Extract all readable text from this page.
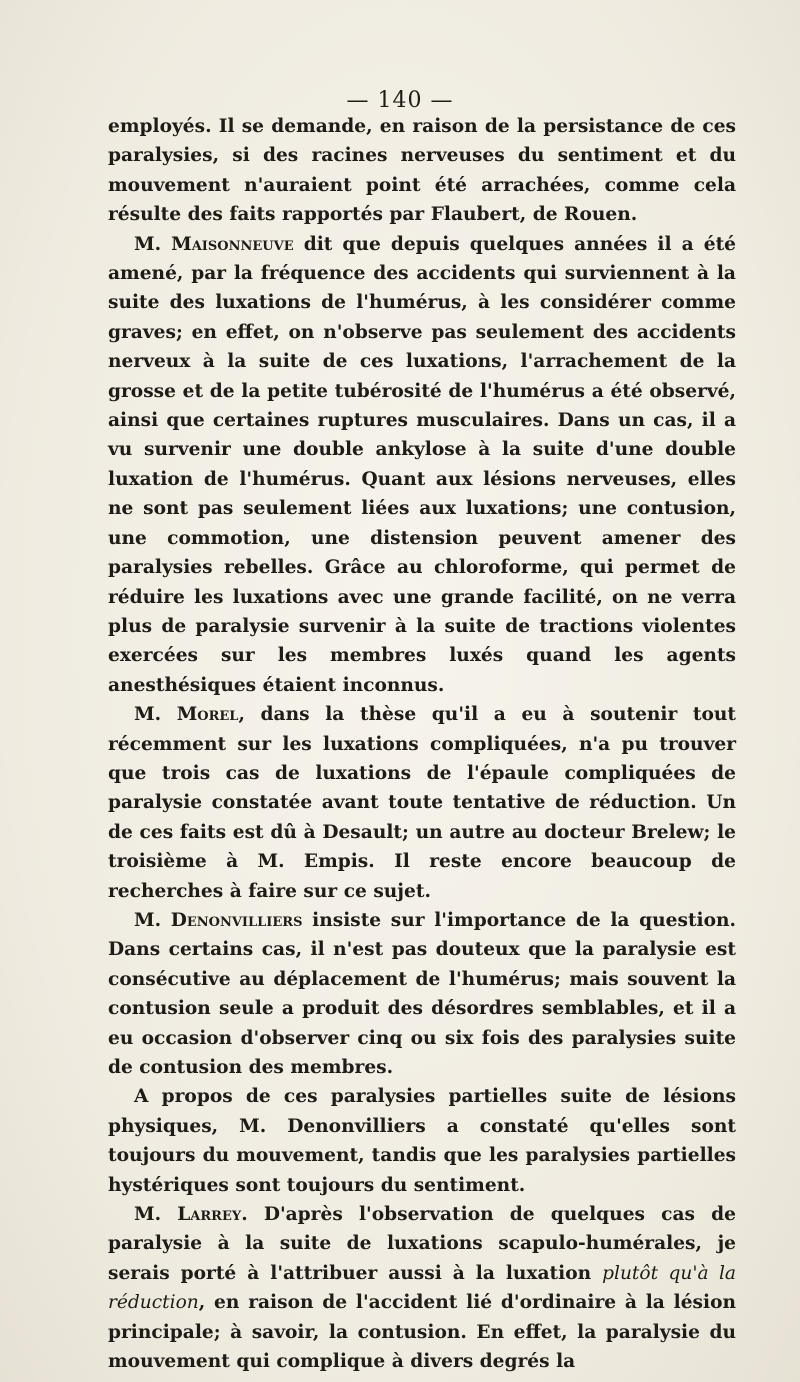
— 140 —

employés. Il se demande, en raison de la persistance de ces paralysies, si des racines nerveuses du sentiment et du mouvement n'auraient point été arrachées, comme cela résulte des faits rapportés par Flaubert, de Rouen.

M. Maisonneuve dit que depuis quelques années il a été amené, par la fréquence des accidents qui surviennent à la suite des luxations de l'humérus, à les considérer comme graves; en effet, on n'observe pas seulement des accidents nerveux à la suite de ces luxations, l'arrachement de la grosse et de la petite tubérosité de l'humérus a été observé, ainsi que certaines ruptures musculaires. Dans un cas, il a vu survenir une double ankylose à la suite d'une double luxation de l'humérus. Quant aux lésions nerveuses, elles ne sont pas seulement liées aux luxations; une contusion, une commotion, une distension peuvent amener des paralysies rebelles. Grâce au chloroforme, qui permet de réduire les luxations avec une grande facilité, on ne verra plus de paralysie survenir à la suite de tractions violentes exercées sur les membres luxés quand les agents anesthésiques étaient inconnus.

M. Morel, dans la thèse qu'il a eu à soutenir tout récemment sur les luxations compliquées, n'a pu trouver que trois cas de luxations de l'épaule compliquées de paralysie constatée avant toute tentative de réduction. Un de ces faits est dû à Desault; un autre au docteur Brelew; le troisième à M. Empis. Il reste encore beaucoup de recherches à faire sur ce sujet.

M. Denonvilliers insiste sur l'importance de la question. Dans certains cas, il n'est pas douteux que la paralysie est consécutive au déplacement de l'humérus; mais souvent la contusion seule a produit des désordres semblables, et il a eu occasion d'observer cinq ou six fois des paralysies suite de contusion des membres.

A propos de ces paralysies partielles suite de lésions physiques, M. Denonvilliers a constaté qu'elles sont toujours du mouvement, tandis que les paralysies partielles hystériques sont toujours du sentiment.

M. Larrey. D'après l'observation de quelques cas de paralysie à la suite de luxations scapulo-humérales, je serais porté à l'attribuer aussi à la luxation plutôt qu'à la réduction, en raison de l'accident lié d'ordinaire à la lésion principale; à savoir, la contusion. En effet, la paralysie du mouvement qui complique à divers degrés la
